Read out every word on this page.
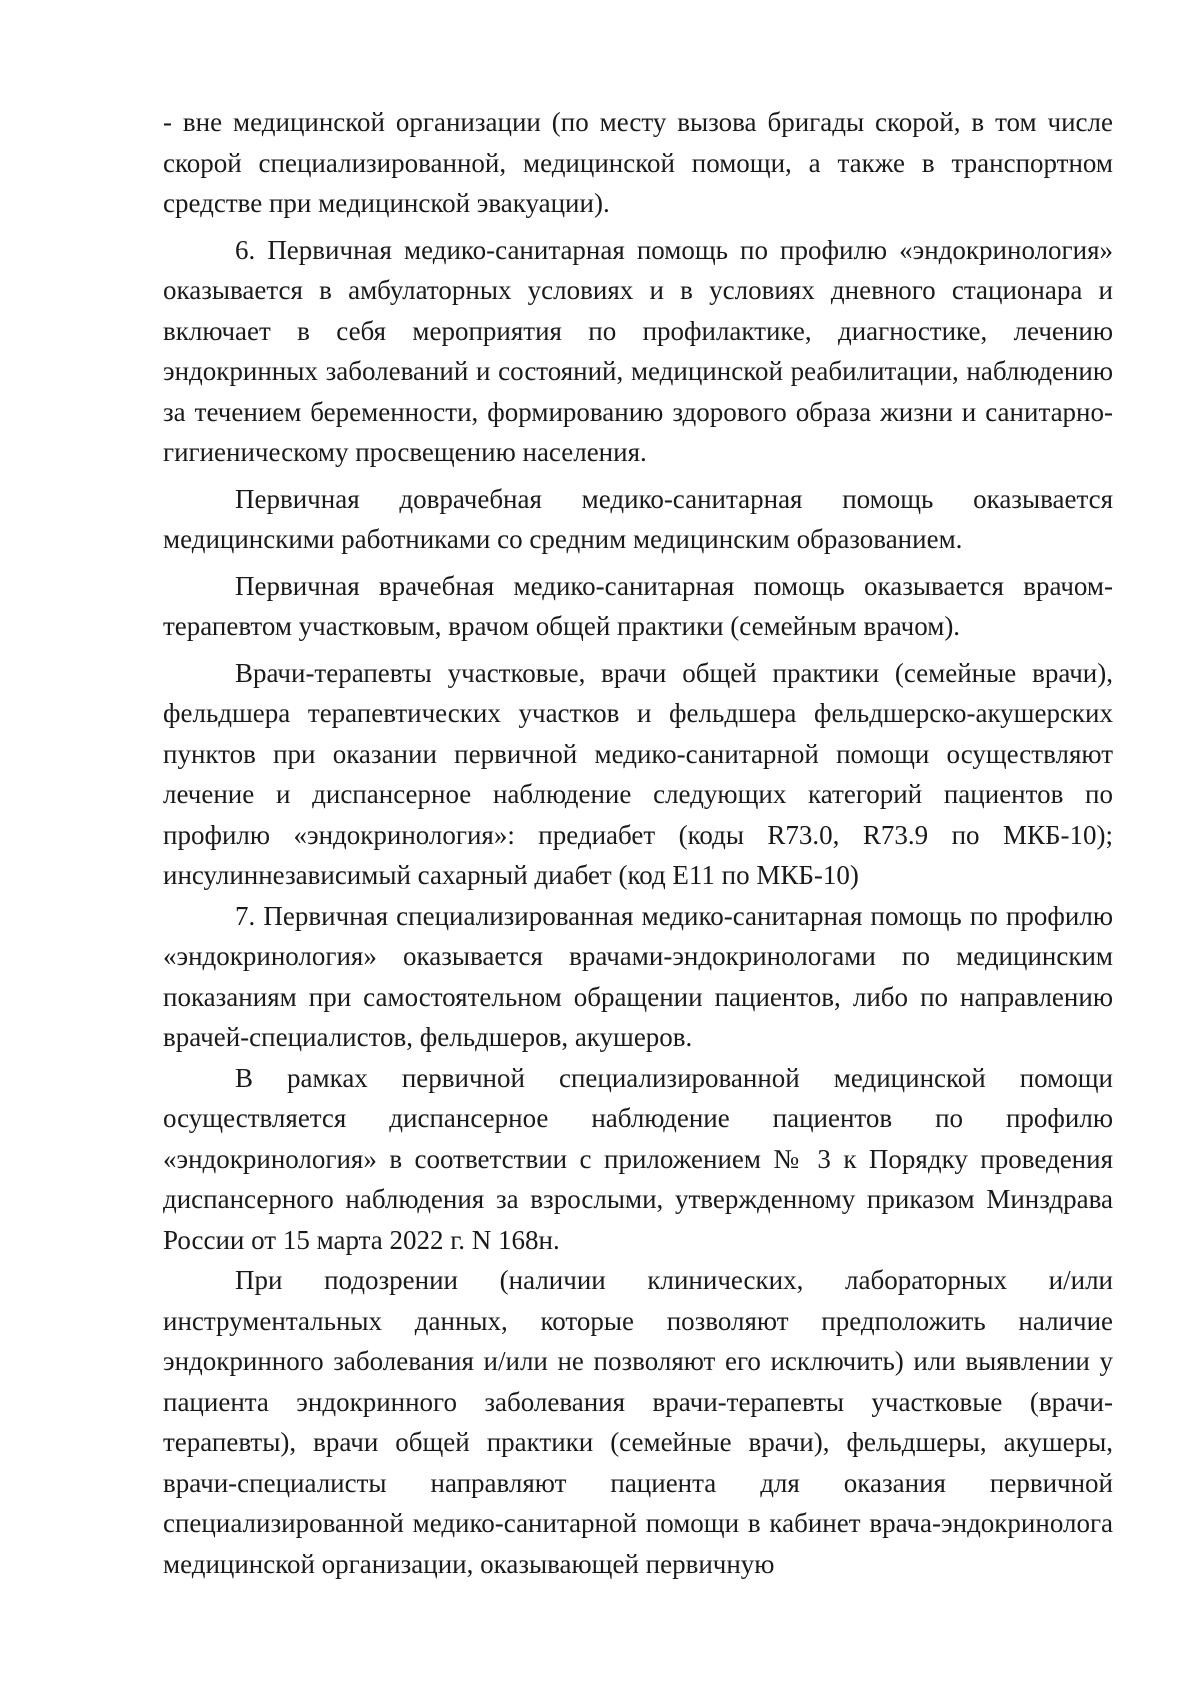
- вне медицинской организации (по месту вызова бригады скорой, в том числе скорой специализированной, медицинской помощи, а также в транспортном средстве при медицинской эвакуации).

6. Первичная медико-санитарная помощь по профилю «эндокринология» оказывается в амбулаторных условиях и в условиях дневного стационара и включает в себя мероприятия по профилактике, диагностике, лечению эндокринных заболеваний и состояний, медицинской реабилитации, наблюдению за течением беременности, формированию здорового образа жизни и санитарно-гигиеническому просвещению населения.

Первичная доврачебная медико-санитарная помощь оказывается медицинскими работниками со средним медицинским образованием.

Первичная врачебная медико-санитарная помощь оказывается врачом-терапевтом участковым, врачом общей практики (семейным врачом).

Врачи-терапевты участковые, врачи общей практики (семейные врачи), фельдшера терапевтических участков и фельдшера фельдшерско-акушерских пунктов при оказании первичной медико-санитарной помощи осуществляют лечение и диспансерное наблюдение следующих категорий пациентов по профилю «эндокринология»: предиабет (коды R73.0, R73.9 по МКБ-10); инсулиннезависимый сахарный диабет (код Е11 по МКБ-10)

7. Первичная специализированная медико-санитарная помощь по профилю «эндокринология» оказывается врачами-эндокринологами по медицинским показаниям при самостоятельном обращении пациентов, либо по направлению врачей-специалистов, фельдшеров, акушеров.

В рамках первичной специализированной медицинской помощи осуществляется диспансерное наблюдение пациентов по профилю «эндокринология» в соответствии с приложением № 3 к Порядку проведения диспансерного наблюдения за взрослыми, утвержденному приказом Минздрава России от 15 марта 2022 г. N 168н.

При подозрении (наличии клинических, лабораторных и/или инструментальных данных, которые позволяют предположить наличие эндокринного заболевания и/или не позволяют его исключить) или выявлении у пациента эндокринного заболевания врачи-терапевты участковые (врачи-терапевты), врачи общей практики (семейные врачи), фельдшеры, акушеры, врачи-специалисты направляют пациента для оказания первичной специализированной медико-санитарной помощи в кабинет врача-эндокринолога медицинской организации, оказывающей первичную
